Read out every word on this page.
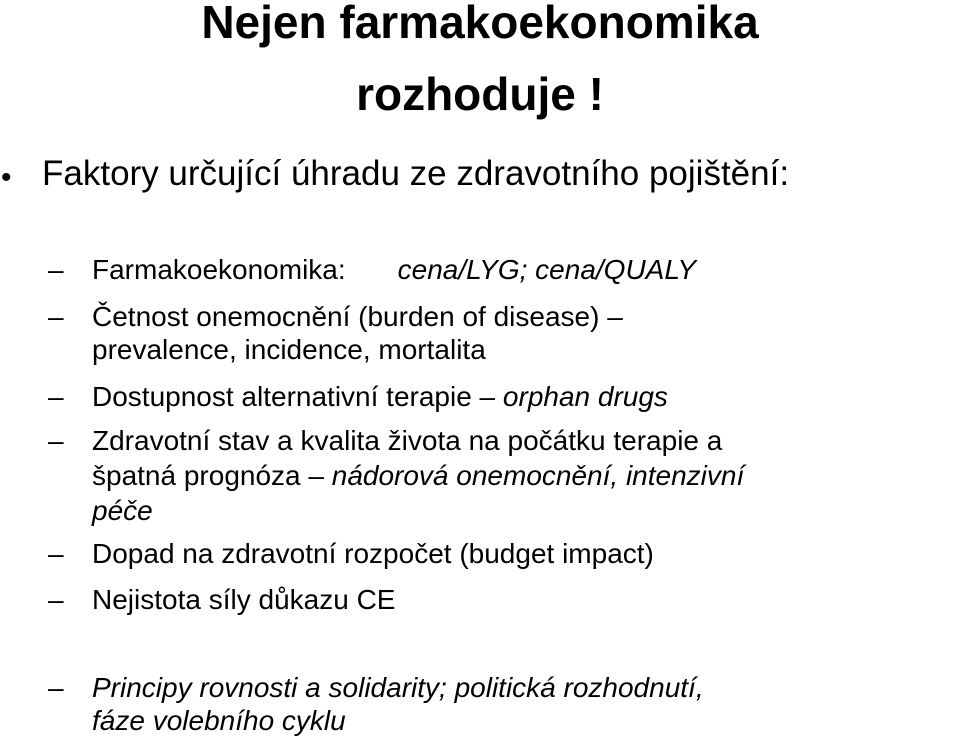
Nejen farmakoekonomika
rozhoduje !
• Faktory určující úhradu ze zdravotního pojištění:
– Farmakoekonomika: cena/LYG; cena/QUALY
– Četnost onemocnění (burden of disease) –
prevalence, incidence, mortalita
– Dostupnost alternativní terapie – orphan drugs
– Zdravotní stav a kvalita života na počátku terapie a
špatná prognóza – nádorová onemocnění, intenzivní
péče
– Dopad na zdravotní rozpočet (budget impact)
– Nejistota síly důkazu CE
– Principy rovnosti a solidarity; politická rozhodnutí,
fáze volebního cyklu
